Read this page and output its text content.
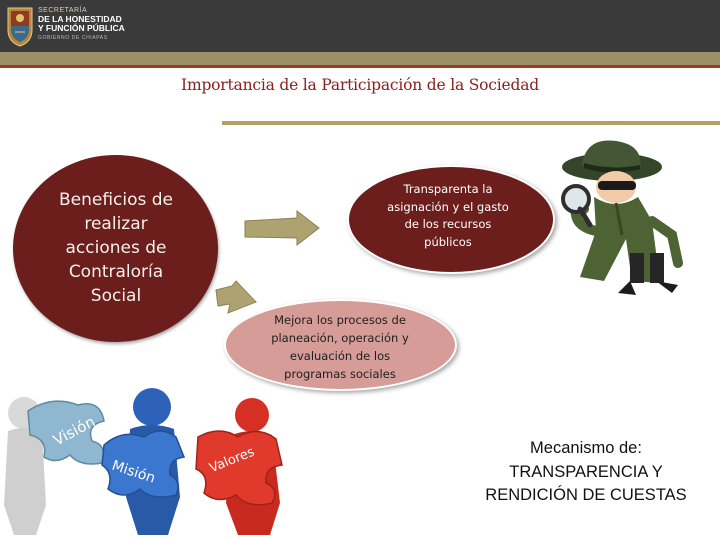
SECRETARÍA
DE LA HONESTIDAD
Y FUNCIÓN PÚBLICA
GOBIERNO DE CHIAPAS
Importancia de la Participación de la Sociedad
Beneficios de
realizar
acciones de
Contraloría
Social
Transparenta la
asignación y el gasto
de los recursos
públicos
Mejora los procesos de
planeación, operación y
evaluación de los
programas sociales
Visión
Misión	Valores	Mecanismo de:
TRANSPARENCIA Y
RENDICIÓN DE CUESTAS
